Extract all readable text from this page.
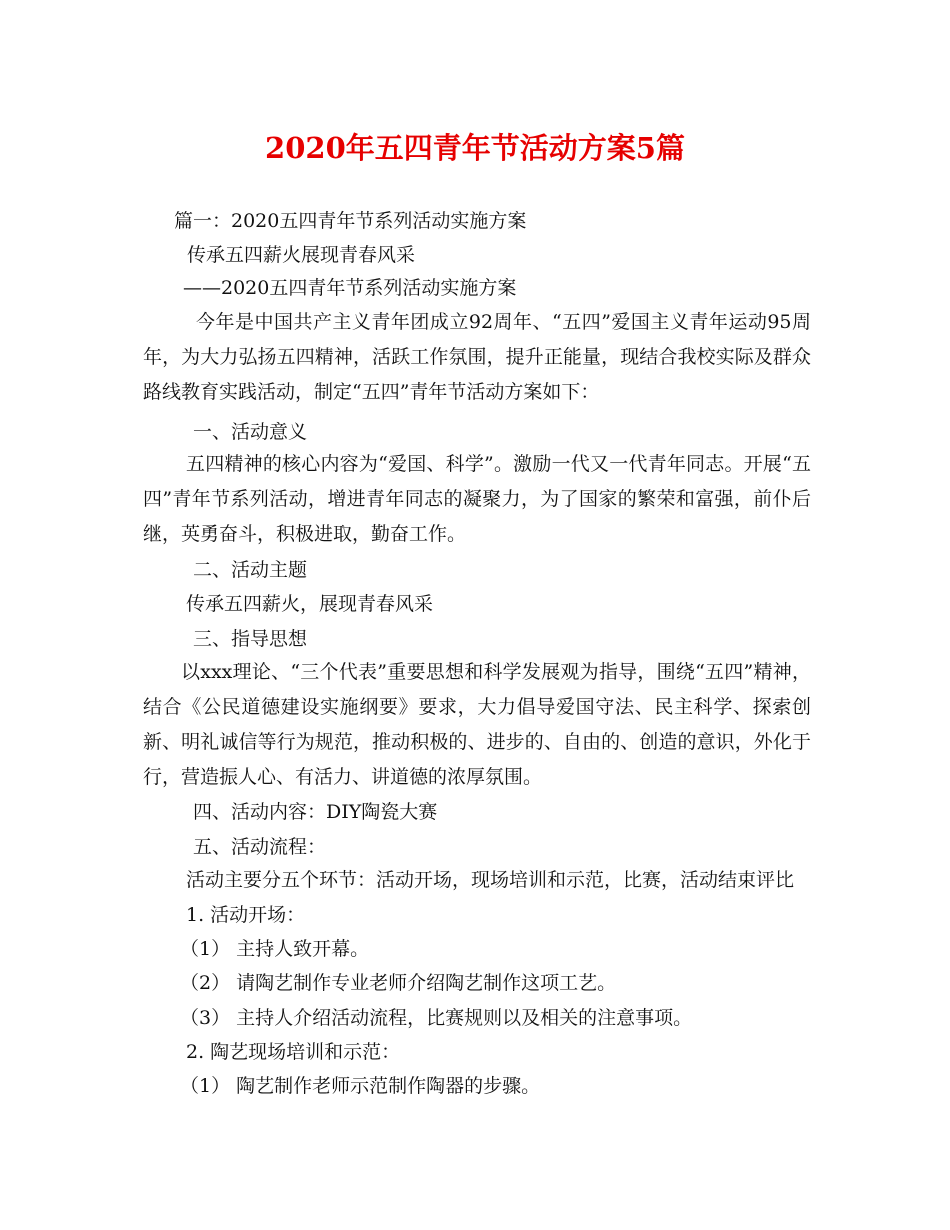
2020年五四青年节活动方案5篇
篇一：2020五四青年节系列活动实施方案
传承五四薪火展现青春风采
——2020五四青年节系列活动实施方案
今年是中国共产主义青年团成立92周年、“五四”爱国主义青年运动95周年，为大力弘扬五四精神，活跃工作氛围，提升正能量，现结合我校实际及群众路线教育实践活动，制定“五四”青年节活动方案如下：
一、活动意义
五四精神的核心内容为“爱国、科学”。激励一代又一代青年同志。开展“五四”青年节系列活动，增进青年同志的凝聚力，为了国家的繁荣和富强，前仆后继，英勇奋斗，积极进取，勤奋工作。
二、活动主题
传承五四薪火，展现青春风采
三、指导思想
以xxx理论、“三个代表”重要思想和科学发展观为指导，围绕“五四”精神，结合《公民道德建设实施纲要》要求，大力倡导爱国守法、民主科学、探索创新、明礼诚信等行为规范，推动积极的、进步的、自由的、创造的意识，外化于行，营造振人心、有活力、讲道德的浓厚氛围。
四、活动内容：DIY陶瓷大赛
五、活动流程：
活动主要分五个环节：活动开场，现场培训和示范，比赛，活动结束评比
1. 活动开场：
（1） 主持人致开幕。
（2） 请陶艺制作专业老师介绍陶艺制作这项工艺。
（3） 主持人介绍活动流程，比赛规则以及相关的注意事项。
2. 陶艺现场培训和示范：
（1） 陶艺制作老师示范制作陶器的步骤。
